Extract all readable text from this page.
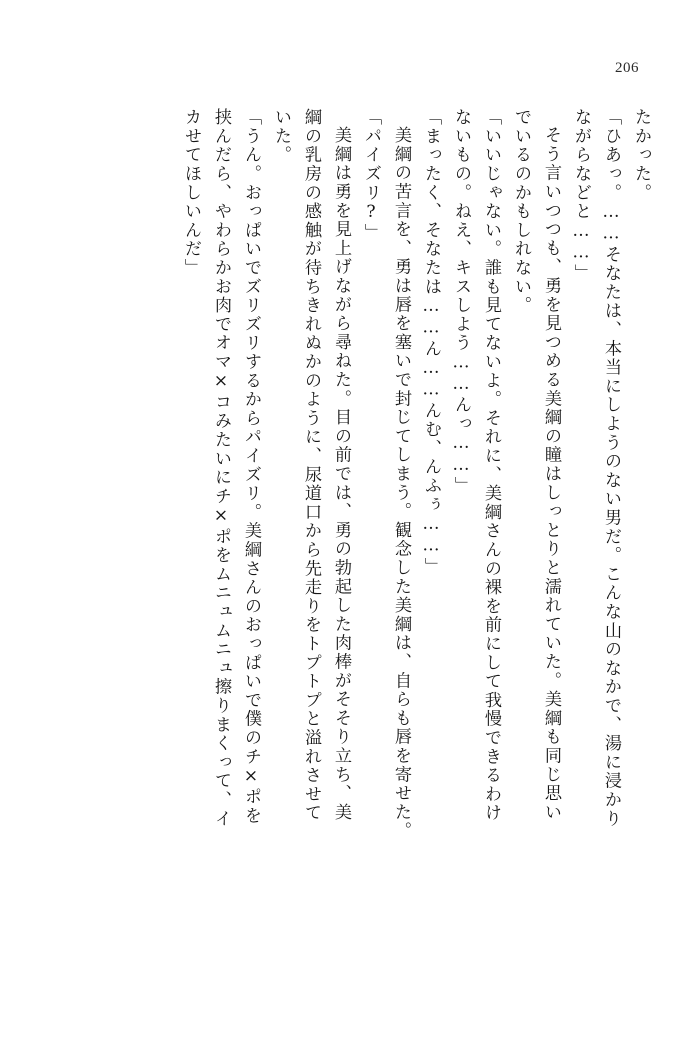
206
たかった。
「ひあっ。……そなたは、本当にしようのない男だ。こんな山のなかで、湯に浸かり
ながらなどと……」
そう言いつつも、勇を見つめる美綱の瞳はしっとりと濡れていた。美綱も同じ思い
でいるのかもしれない。
「いいじゃない。誰も見てないよ。それに、美綱さんの裸を前にして我慢できるわけ
ないもの。ねえ、キスしよう……んっ……」
「まったく、そなたは……ん……んむ、んふぅ……」
美綱の苦言を、勇は唇を塞いで封じてしまう。観念した美綱は、自らも唇を寄せた。
「パイズリ?」
美綱は勇を見上げながら尋ねた。目の前では、勇の勃起した肉棒がそそり立ち、美
綱の乳房の感触が待ちきれぬかのように、尿道口から先走りをトプトプと溢れさせて
いた。
「うん。おっぱいでズリズリするからパイズリ。美綱さんのおっぱいで僕のチ×ポを
挟んだら、やわらかお肉でオマ×コみたいにチ×ポをムニュムニュ擦りまくって、イ
カせてほしいんだ」
